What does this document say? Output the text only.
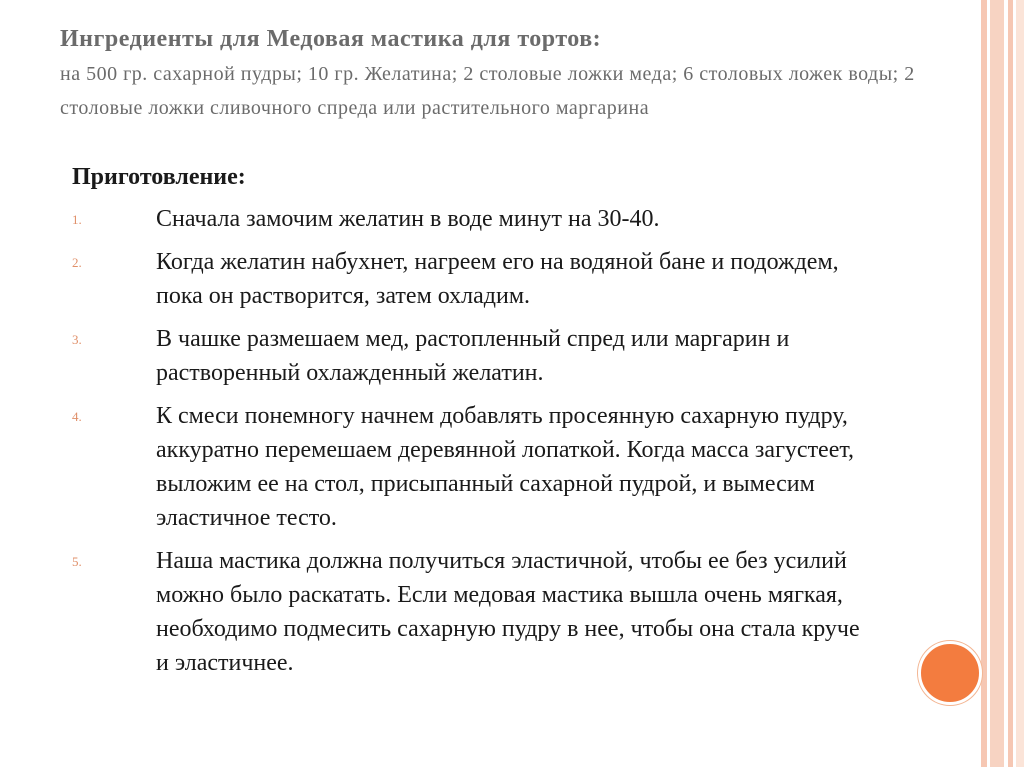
Ингредиенты для Медовая мастика для тортов:
на 500 гр. сахарной пудры; 10 гр. Желатина; 2 столовые ложки меда; 6 столовых ложек воды; 2 столовые ложки сливочного спреда или растительного маргарина
Приготовление:
1.	Сначала замочим желатин в воде минут на 30-40.
2.	Когда желатин набухнет, нагреем его на водяной бане и подождем, пока он растворится, затем охладим.
3.	В чашке размешаем мед, растопленный спред или маргарин и растворенный охлажденный желатин.
4.	К смеси понемногу начнем добавлять просеянную сахарную пудру, аккуратно перемешаем деревянной лопаткой. Когда масса загустеет, выложим ее на стол, присыпанный сахарной пудрой, и вымесим эластичное тесто.
5.	Наша мастика должна получиться эластичной, чтобы ее без усилий можно было раскатать. Если медовая мастика вышла очень мягкая, необходимо подмесить сахарную пудру в нее, чтобы она стала круче и эластичнее.
